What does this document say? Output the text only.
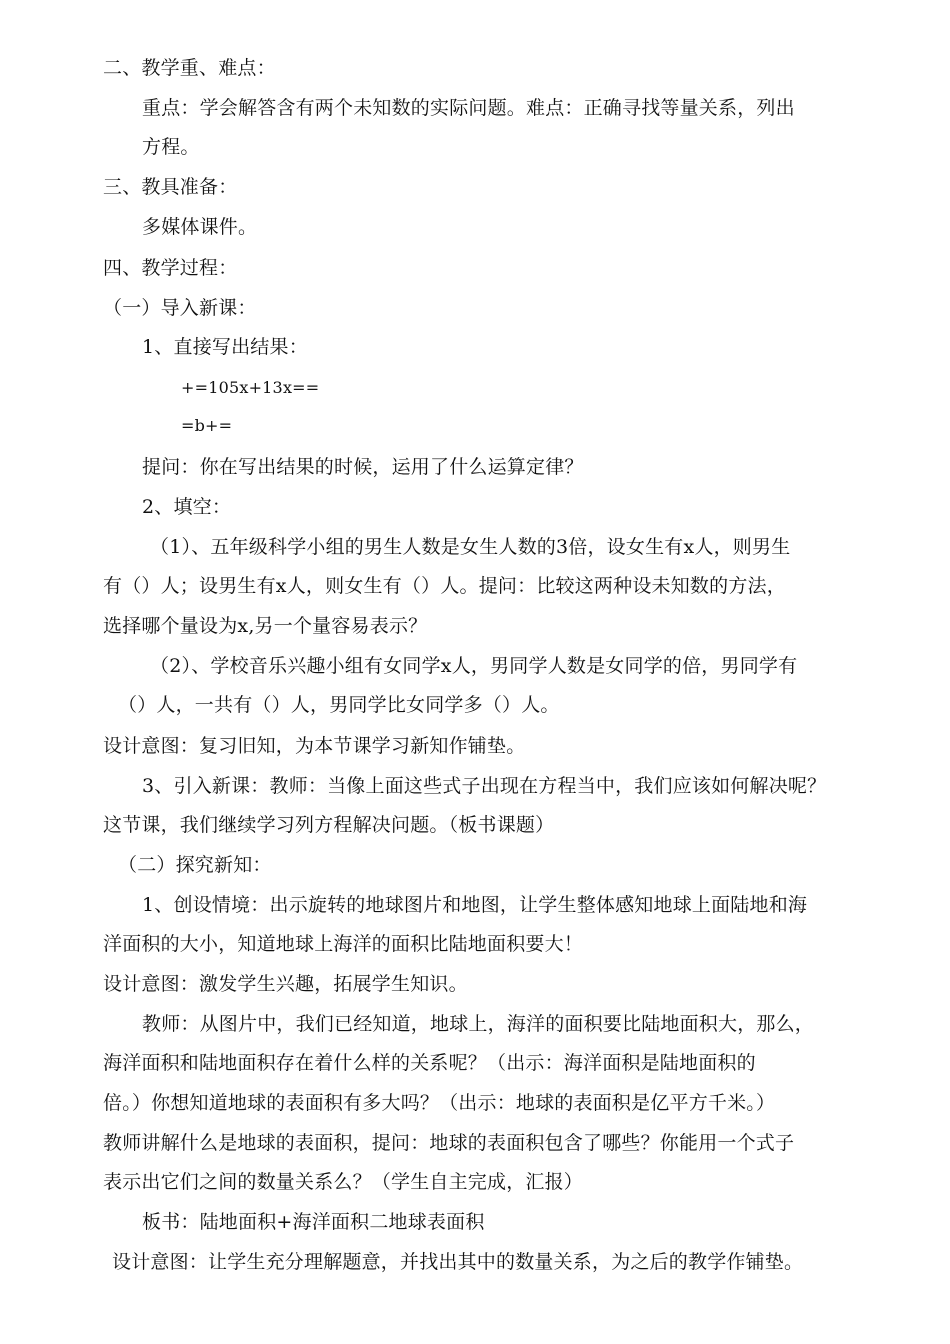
二、教学重、难点：
重点：学会解答含有两个未知数的实际问题。难点：正确寻找等量关系，列出
方程。
三、教具准备：
多媒体课件。
四、教学过程：
（一）导入新课：
1、直接写出结果：
+=105x+13x==
=b+=
提问：你在写出结果的时候，运用了什么运算定律？
2、填空：
（1）、五年级科学小组的男生人数是女生人数的3倍，设女生有x人，则男生
有（）人；设男生有x人，则女生有（）人。提问：比较这两种设未知数的方法，
选择哪个量设为x,另一个量容易表示？
（2）、学校音乐兴趣小组有女同学x人，男同学人数是女同学的倍，男同学有
（）人，一共有（）人，男同学比女同学多（）人。
设计意图：复习旧知，为本节课学习新知作铺垫。
3、引入新课：教师：当像上面这些式子出现在方程当中，我们应该如何解决呢？
这节课，我们继续学习列方程解决问题。（板书课题）
（二）探究新知：
1、创设情境：出示旋转的地球图片和地图，让学生整体感知地球上面陆地和海
洋面积的大小，知道地球上海洋的面积比陆地面积要大！
设计意图：激发学生兴趣，拓展学生知识。
教师：从图片中，我们已经知道，地球上，海洋的面积要比陆地面积大，那么，
海洋面积和陆地面积存在着什么样的关系呢？（出示：海洋面积是陆地面积的
倍。）你想知道地球的表面积有多大吗？（出示：地球的表面积是亿平方千米。）
教师讲解什么是地球的表面积，提问：地球的表面积包含了哪些？你能用一个式子
表示出它们之间的数量关系么？（学生自主完成，汇报）
板书：陆地面积+海洋面积二地球表面积
设计意图：让学生充分理解题意，并找出其中的数量关系，为之后的教学作铺垫。
